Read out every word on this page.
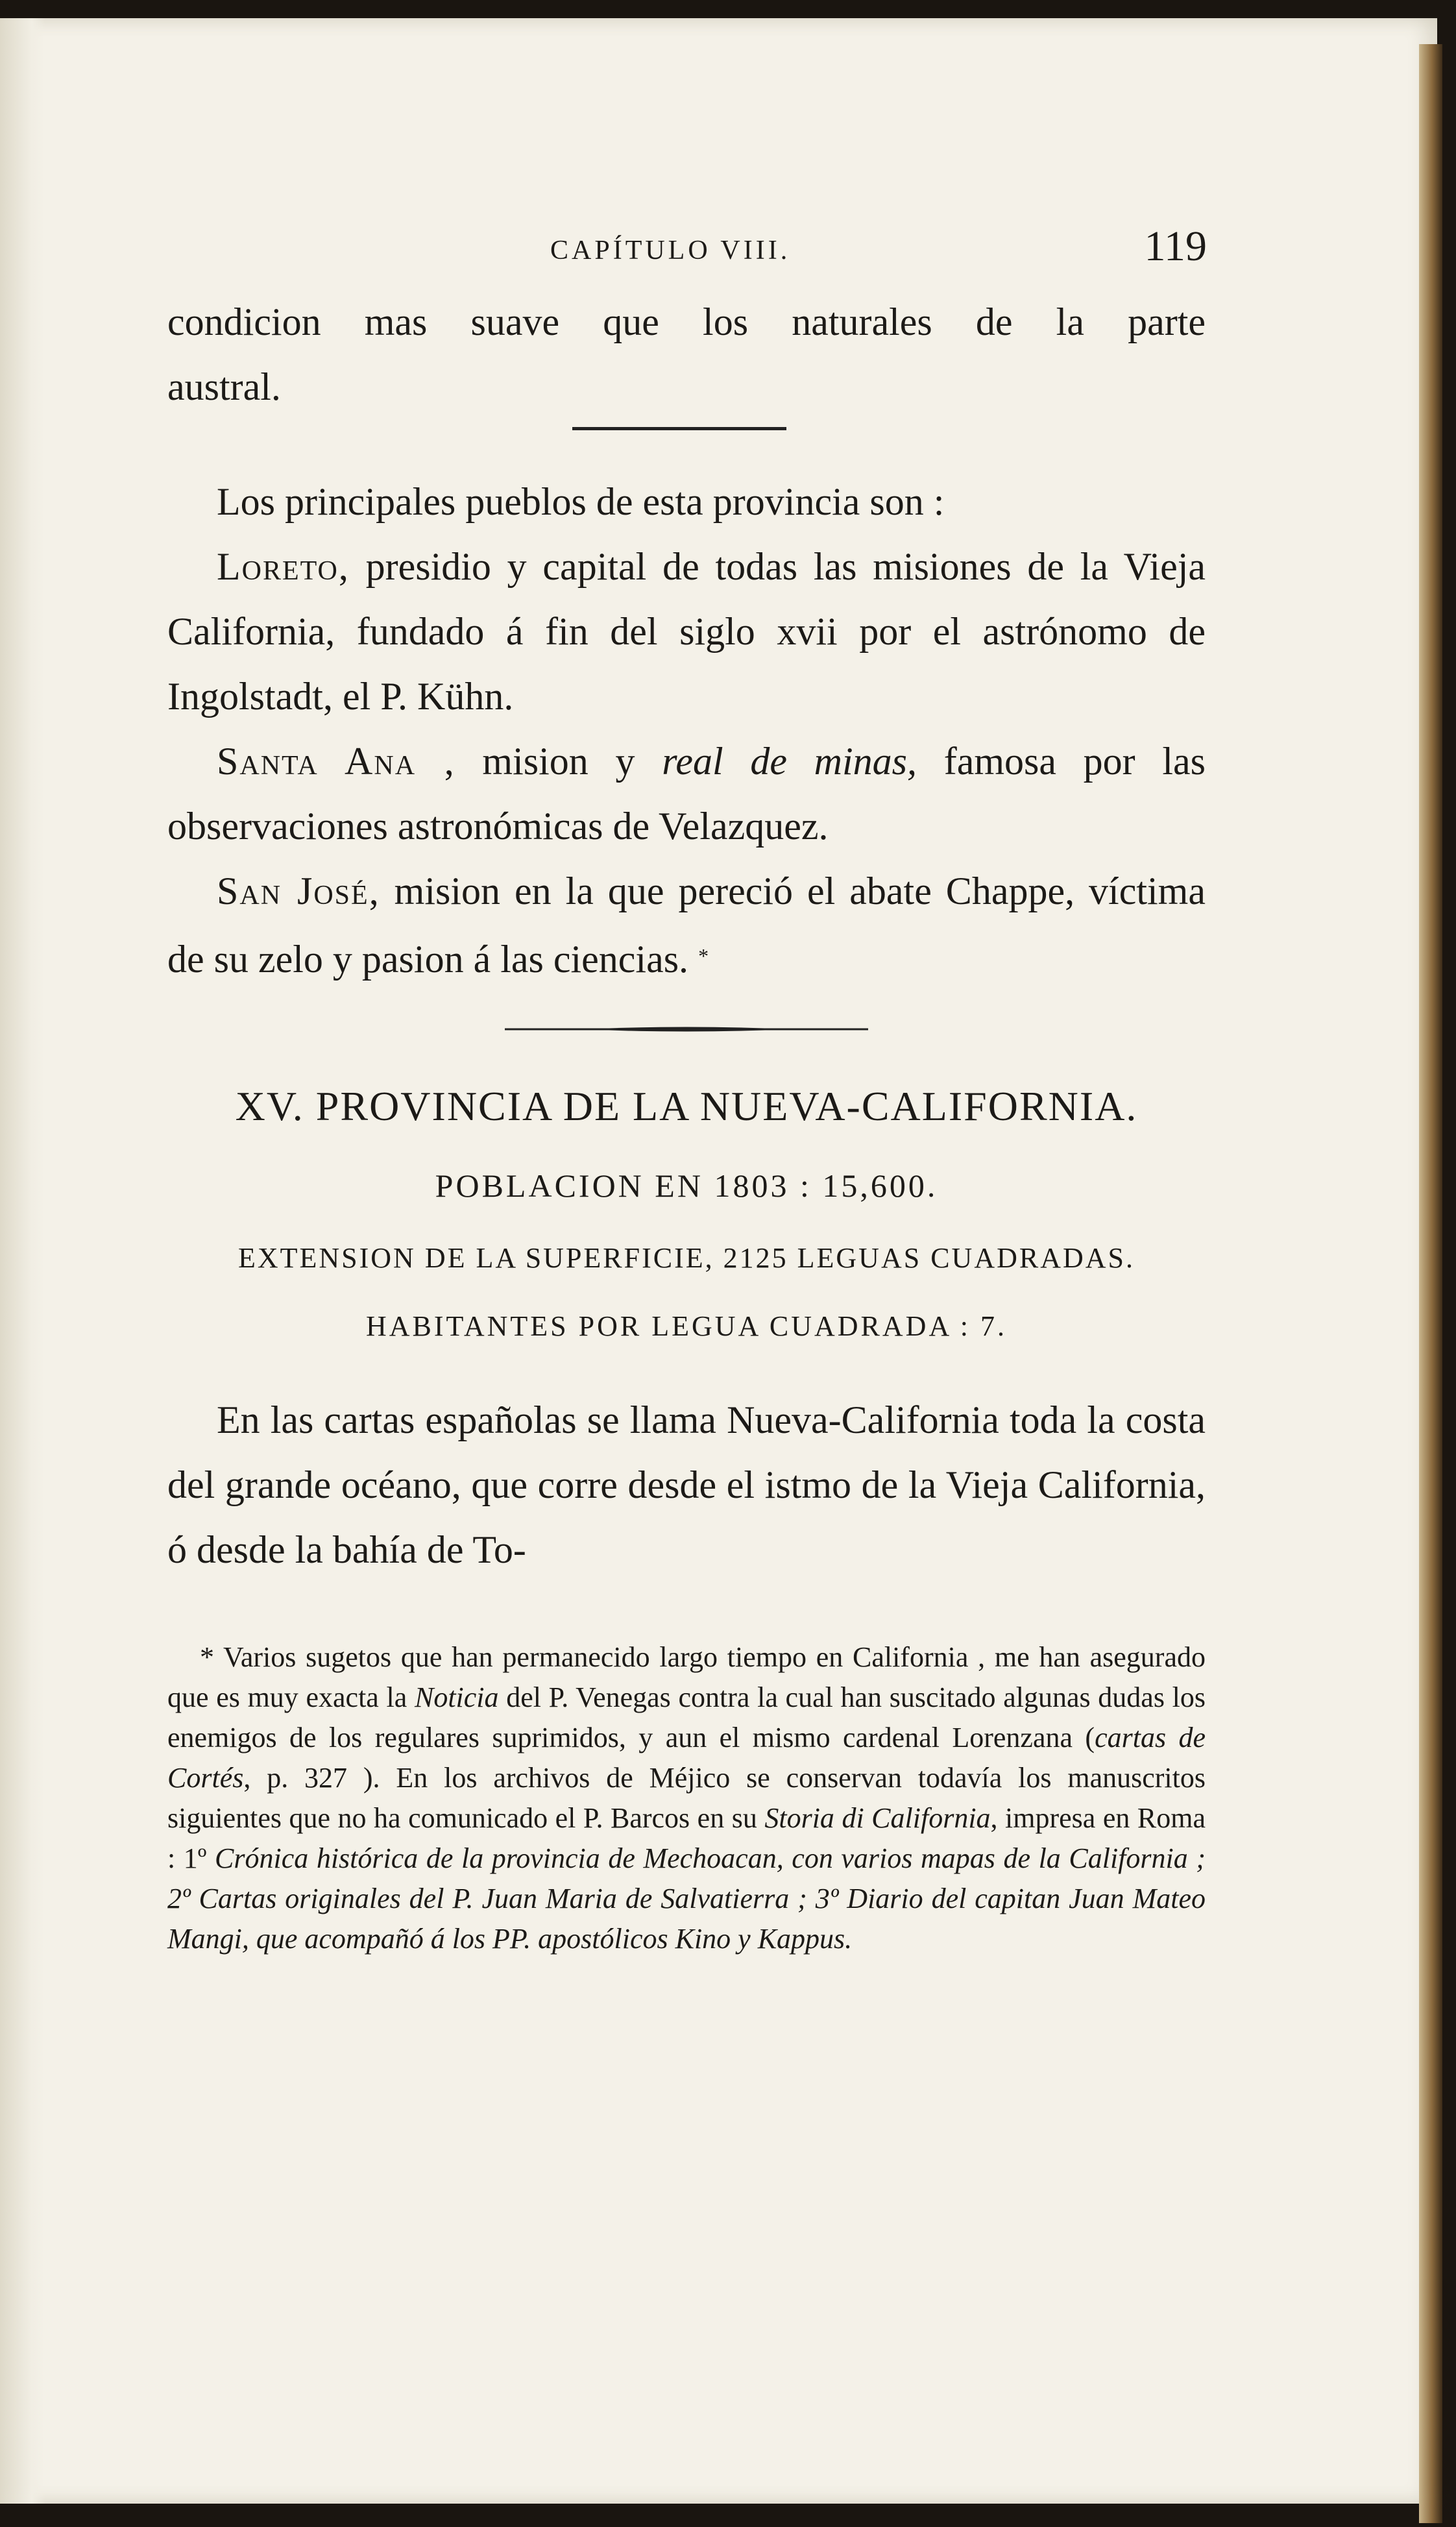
CAPÍTULO VIII.	119

condicion mas suave que los naturales de la parte

austral.

Los principales pueblos de esta provincia son :

Loreto, presidio y capital de todas las misiones de la Vieja California, fundado á fin del siglo xvii por el astrónomo de Ingolstadt, el P. Kühn.

Santa Ana , mision y real de minas, famosa por las observaciones astronómicas de Velazquez.

San José, mision en la que pereció el abate Chappe, víctima de su zelo y pasion á las ciencias. *

XV. PROVINCIA DE LA NUEVA-CALIFORNIA.
POBLACION EN 1803 : 15,600.
EXTENSION DE LA SUPERFICIE, 2125 LEGUAS CUADRADAS.
HABITANTES POR LEGUA CUADRADA : 7.

En las cartas españolas se llama Nueva-California toda la costa del grande océano, que corre desde el istmo de la Vieja California, ó desde la bahía de To-

* Varios sugetos que han permanecido largo tiempo en California , me han asegurado que es muy exacta la Noticia del P. Venegas contra la cual han suscitado algunas dudas los enemigos de los regulares suprimidos, y aun el mismo cardenal Lorenzana (cartas de Cortés, p. 327 ). En los archivos de Méjico se conservan todavía los manuscritos siguientes que no ha comunicado el P. Barcos en su Storia di California, impresa en Roma : 1º Crónica histórica de la provincia de Mechoacan, con varios mapas de la California ; 2º Cartas originales del P. Juan Maria de Salvatierra ; 3º Diario del capitan Juan Mateo Mangi, que acompañó á los PP. apostólicos Kino y Kappus.
